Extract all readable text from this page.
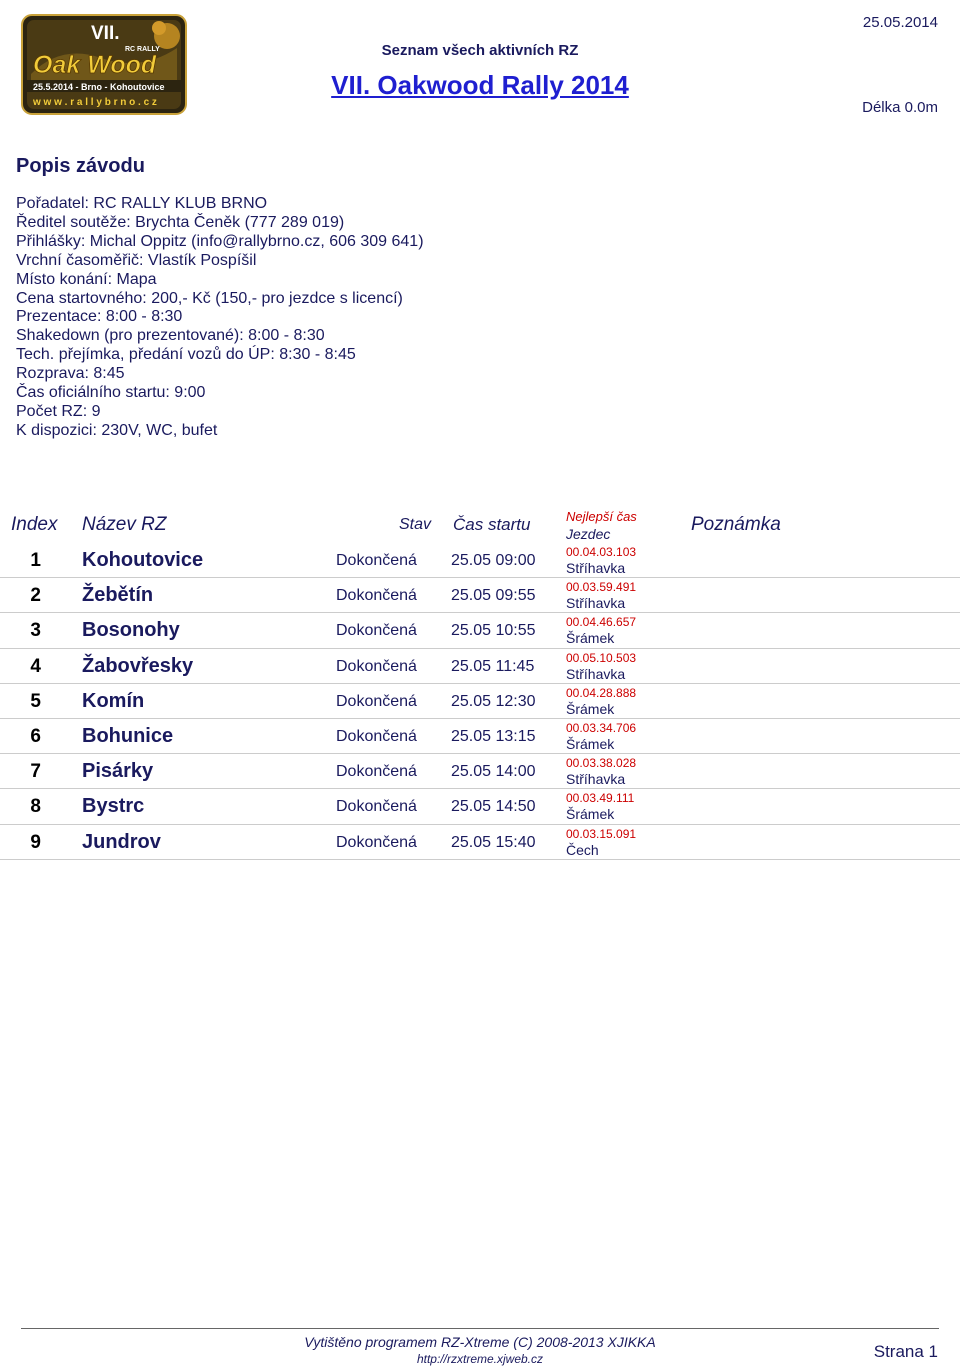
VII.
RC RALLY
Oak Wood
25.5.2014 - Brno - Kohoutovice
w w w . r a l l y b r n o . c z
Seznam všech aktivních RZ
VII. Oakwood Rally 2014
25.05.2014
Délka 0.0m
Popis závodu
Pořadatel: RC RALLY KLUB BRNO
Ředitel soutěže: Brychta Čeněk (777 289 019)
Přihlášky: Michal Oppitz (info@rallybrno.cz, 606 309 641)
Vrchní časoměřič: Vlastík Pospíšil
Místo konání: Mapa
Cena startovného: 200,- Kč (150,- pro jezdce s licencí)
Prezentace: 8:00 - 8:30
Shakedown (pro prezentované): 8:00 - 8:30
Tech. přejímka, předání vozů do ÚP: 8:30 - 8:45
Rozprava: 8:45
Čas oficiálního startu: 9:00
Počet RZ: 9
K dispozici: 230V, WC, bufet
Index Název RZ	Stav Čas startu	Nejlepší čas
Jezdec	Poznámka
1 Kohoutovice	Dokončená 25.05 09:00	00.04.03.103
Stříhavka
2 Žebětín	Dokončená 25.05 09:55	00.03.59.491
Stříhavka
3 Bosonohy	Dokončená 25.05 10:55	00.04.46.657
Šrámek
4 Žabovřesky	Dokončená 25.05 11:45	00.05.10.503
Stříhavka
5 Komín	Dokončená 25.05 12:30	00.04.28.888
Šrámek
6 Bohunice	Dokončená 25.05 13:15	00.03.34.706
Šrámek
7 Pisárky	Dokončená 25.05 14:00	00.03.38.028
Stříhavka
8 Bystrc	Dokončená 25.05 14:50	00.03.49.111
Šrámek
9 Jundrov	Dokončená 25.05 15:40	00.03.15.091
Čech
Vytištěno programem RZ-Xtreme (C) 2008-2013 XJIKKA
http://rzxtreme.xjweb.cz	Strana 1
